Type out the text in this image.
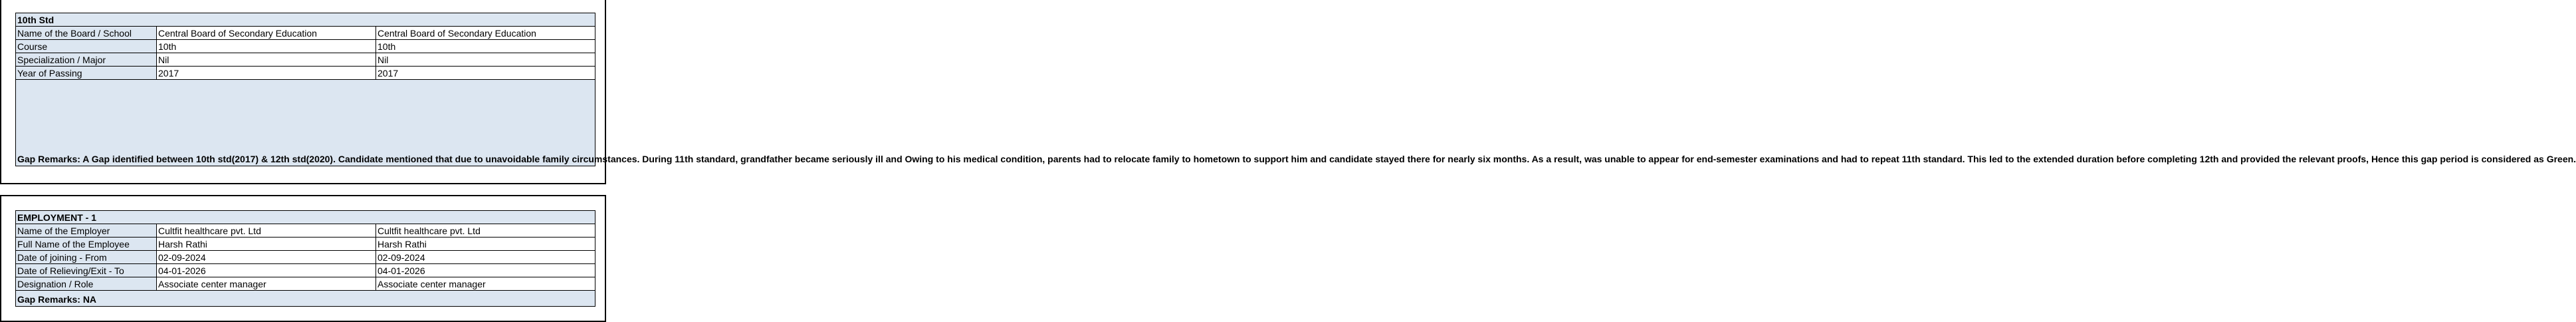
10th Std		
Name of the Board / School	Central Board of Secondary Education	Central Board of Secondary Education
Course	10th	10th
Specialization / Major	Nil	Nil
Year of Passing	2017	2017
Gap Remarks: A Gap identified between 10th std(2017) & 12th std(2020). Candidate mentioned that due to unavoidable family circumstances. During 11th standard, grandfather became seriously ill and Owing to his medical condition, parents had to relocate family to hometown to support him and candidate stayed there for nearly six months. As a result, was unable to appear for end-semester examinations and had to repeat 11th standard. This led to the extended duration before completing 12th and provided the relevant proofs, Hence this gap period is considered as Green.		
EMPLOYMENT - 1		
Name of the Employer	Cultfit healthcare pvt. Ltd	Cultfit healthcare pvt. Ltd
Full Name of the Employee	Harsh Rathi	Harsh Rathi
Date of joining - From	02-09-2024	02-09-2024
Date of Relieving/Exit - To	04-01-2026	04-01-2026
Designation / Role	Associate center manager	Associate center manager
Gap Remarks: NA		
